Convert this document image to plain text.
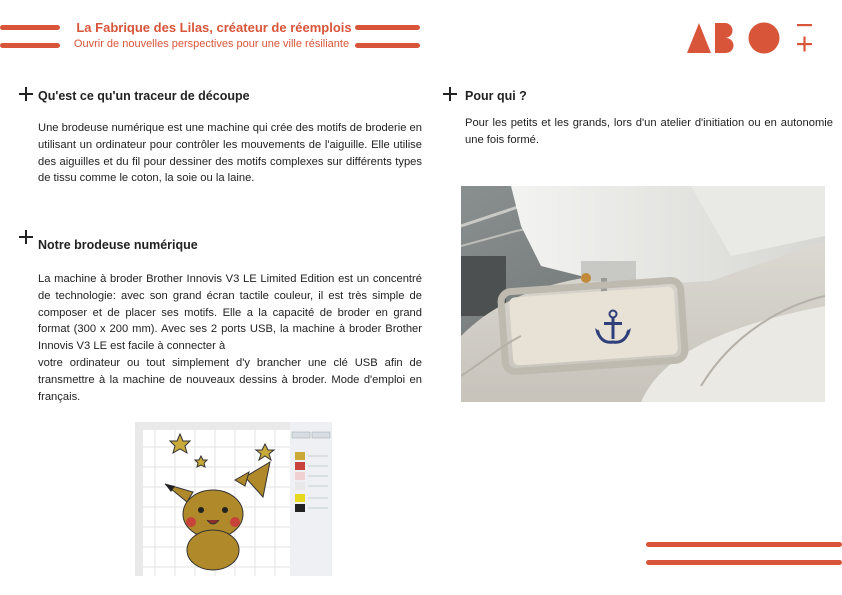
La Fabrique des Lilas, créateur de réemplois
Ouvrir de nouvelles perspectives pour une ville résiliante
Qu'est ce qu'un traceur de découpe

Une brodeuse numérique est une machine qui crée des motifs de broderie en utilisant un ordinateur pour contrôler les mouvements de l'aiguille. Elle utilise des aiguilles et du fil pour dessiner des motifs complexes sur différents types de tissu comme le coton, la soie ou la laine.

Notre brodeuse numérique

La machine à broder Brother Innovis V3 LE Limited Edition est un concentré de technologie: avec son grand écran tactile couleur, il est très simple de composer et de placer ses motifs. Elle a la capacité de broder en grand format (300 x 200 mm). Avec ses 2 ports USB, la machine à broder Brother Innovis V3 LE est facile à connecter à

votre ordinateur ou tout simplement d'y brancher une clé USB afin de transmettre à la machine de nouveaux dessins à broder. Mode d'emploi en français.

Pour qui ?

Pour les petits et les grands, lors d'un atelier d'initiation ou en autonomie une fois formé.
